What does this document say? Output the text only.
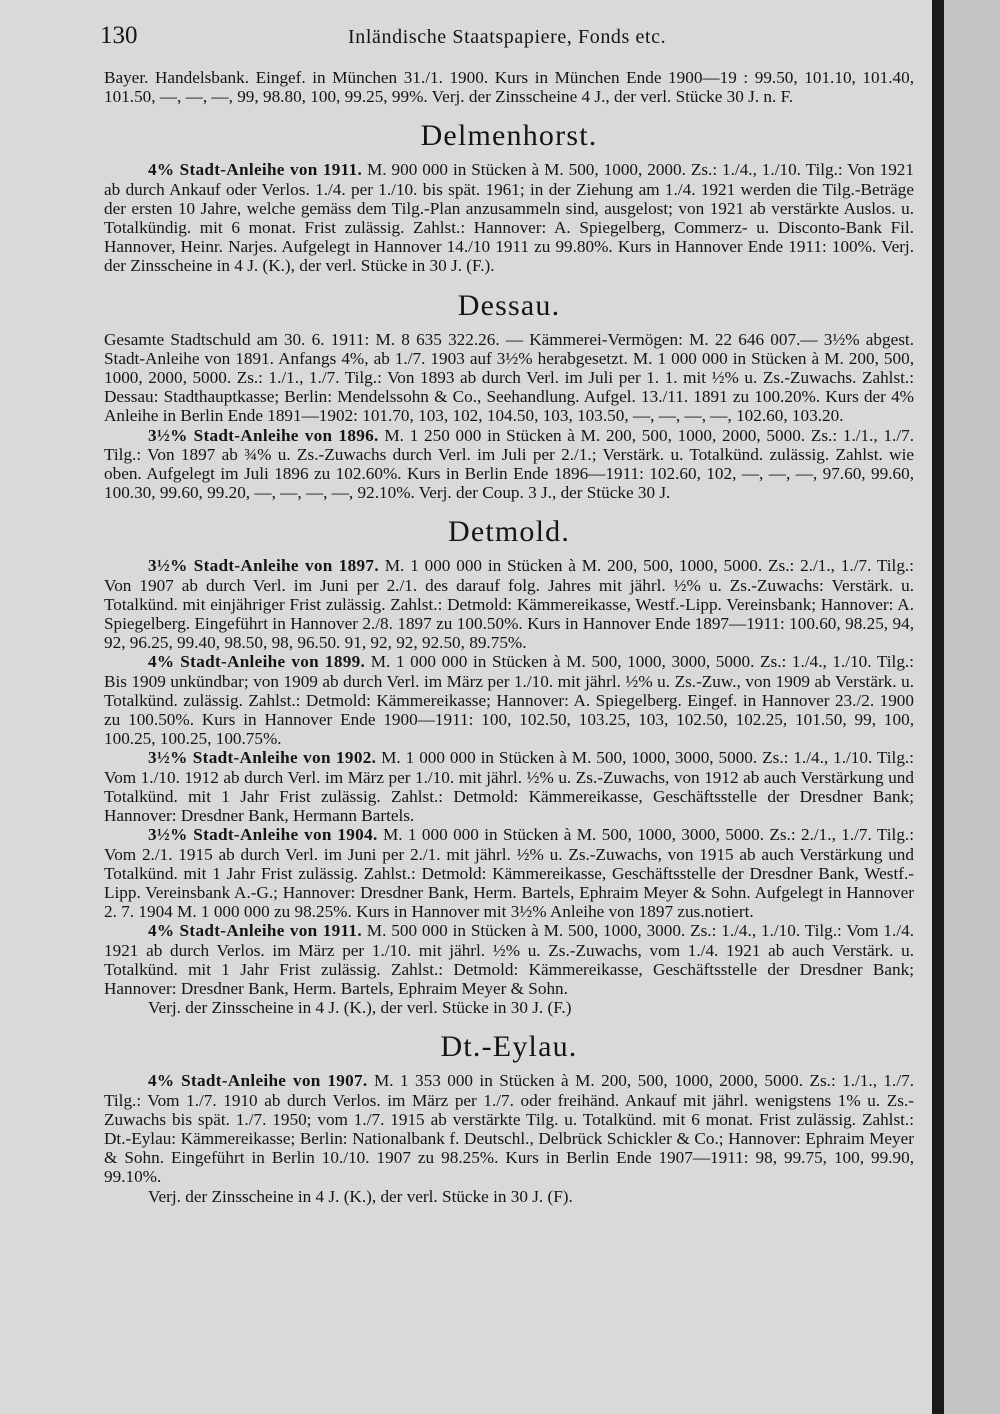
130	Inländische Staatspapiere, Fonds etc.

Bayer. Handelsbank. Eingef. in München 31./1. 1900. Kurs in München Ende 1900—19 : 99.50, 101.10, 101.40, 101.50, —, —, —, 99, 98.80, 100, 99.25, 99%. Verj. der Zinsscheine 4 J., der verl. Stücke 30 J. n. F.

Delmenhorst.

4% Stadt-Anleihe von 1911. M. 900 000 in Stücken à M. 500, 1000, 2000. Zs.: 1./4., 1./10. Tilg.: Von 1921 ab durch Ankauf oder Verlos. 1./4. per 1./10. bis spät. 1961; in der Ziehung am 1./4. 1921 werden die Tilg.-Beträge der ersten 10 Jahre, welche gemäss dem Tilg.-Plan anzusammeln sind, ausgelost; von 1921 ab verstärkte Auslos. u. Totalkündig. mit 6 monat. Frist zulässig. Zahlst.: Hannover: A. Spiegelberg, Commerz- u. Disconto-Bank Fil. Hannover, Heinr. Narjes. Aufgelegt in Hannover 14./10 1911 zu 99.80%. Kurs in Hannover Ende 1911: 100%. Verj. der Zinsscheine in 4 J. (K.), der verl. Stücke in 30 J. (F.).

Dessau.

Gesamte Stadtschuld am 30. 6. 1911: M. 8 635 322.26. — Kämmerei-Vermögen: M. 22 646 007.— 3½% abgest. Stadt-Anleihe von 1891. Anfangs 4%, ab 1./7. 1903 auf 3½% herabgesetzt. M. 1 000 000 in Stücken à M. 200, 500, 1000, 2000, 5000. Zs.: 1./1., 1./7. Tilg.: Von 1893 ab durch Verl. im Juli per 1. 1. mit ½% u. Zs.-Zuwachs. Zahlst.: Dessau: Stadthauptkasse; Berlin: Mendelssohn & Co., Seehandlung. Aufgel. 13./11. 1891 zu 100.20%. Kurs der 4% Anleihe in Berlin Ende 1891—1902: 101.70, 103, 102, 104.50, 103, 103.50, —, —, —, —, 102.60, 103.20.

3½% Stadt-Anleihe von 1896. M. 1 250 000 in Stücken à M. 200, 500, 1000, 2000, 5000. Zs.: 1./1., 1./7. Tilg.: Von 1897 ab ¾% u. Zs.-Zuwachs durch Verl. im Juli per 2./1.; Verstärk. u. Totalkünd. zulässig. Zahlst. wie oben. Aufgelegt im Juli 1896 zu 102.60%. Kurs in Berlin Ende 1896—1911: 102.60, 102, —, —, —, 97.60, 99.60, 100.30, 99.60, 99.20, —, —, —, —, 92.10%. Verj. der Coup. 3 J., der Stücke 30 J.

Detmold.

3½% Stadt-Anleihe von 1897. M. 1 000 000 in Stücken à M. 200, 500, 1000, 5000. Zs.: 2./1., 1./7. Tilg.: Von 1907 ab durch Verl. im Juni per 2./1. des darauf folg. Jahres mit jährl. ½% u. Zs.-Zuwachs: Verstärk. u. Totalkünd. mit einjähriger Frist zulässig. Zahlst.: Detmold: Kämmereikasse, Westf.-Lipp. Vereinsbank; Hannover: A. Spiegelberg. Eingeführt in Hannover 2./8. 1897 zu 100.50%. Kurs in Hannover Ende 1897—1911: 100.60, 98.25, 94, 92, 96.25, 99.40, 98.50, 98, 96.50. 91, 92, 92, 92.50, 89.75%.

4% Stadt-Anleihe von 1899. M. 1 000 000 in Stücken à M. 500, 1000, 3000, 5000. Zs.: 1./4., 1./10. Tilg.: Bis 1909 unkündbar; von 1909 ab durch Verl. im März per 1./10. mit jährl. ½% u. Zs.-Zuw., von 1909 ab Verstärk. u. Totalkünd. zulässig. Zahlst.: Detmold: Kämmereikasse; Hannover: A. Spiegelberg. Eingef. in Hannover 23./2. 1900 zu 100.50%. Kurs in Hannover Ende 1900—1911: 100, 102.50, 103.25, 103, 102.50, 102.25, 101.50, 99, 100, 100.25, 100.25, 100.75%.

3½% Stadt-Anleihe von 1902. M. 1 000 000 in Stücken à M. 500, 1000, 3000, 5000. Zs.: 1./4., 1./10. Tilg.: Vom 1./10. 1912 ab durch Verl. im März per 1./10. mit jährl. ½% u. Zs.-Zuwachs, von 1912 ab auch Verstärkung und Totalkünd. mit 1 Jahr Frist zulässig. Zahlst.: Detmold: Kämmereikasse, Geschäftsstelle der Dresdner Bank; Hannover: Dresdner Bank, Hermann Bartels.

3½% Stadt-Anleihe von 1904. M. 1 000 000 in Stücken à M. 500, 1000, 3000, 5000. Zs.: 2./1., 1./7. Tilg.: Vom 2./1. 1915 ab durch Verl. im Juni per 2./1. mit jährl. ½% u. Zs.-Zuwachs, von 1915 ab auch Verstärkung und Totalkünd. mit 1 Jahr Frist zulässig. Zahlst.: Detmold: Kämmereikasse, Geschäftsstelle der Dresdner Bank, Westf.-Lipp. Vereinsbank A.-G.; Hannover: Dresdner Bank, Herm. Bartels, Ephraim Meyer & Sohn. Aufgelegt in Hannover 2. 7. 1904 M. 1 000 000 zu 98.25%. Kurs in Hannover mit 3½% Anleihe von 1897 zus.notiert.

4% Stadt-Anleihe von 1911. M. 500 000 in Stücken à M. 500, 1000, 3000. Zs.: 1./4., 1./10. Tilg.: Vom 1./4. 1921 ab durch Verlos. im März per 1./10. mit jährl. ½% u. Zs.-Zuwachs, vom 1./4. 1921 ab auch Verstärk. u. Totalkünd. mit 1 Jahr Frist zulässig. Zahlst.: Detmold: Kämmereikasse, Geschäftsstelle der Dresdner Bank; Hannover: Dresdner Bank, Herm. Bartels, Ephraim Meyer & Sohn.

Verj. der Zinsscheine in 4 J. (K.), der verl. Stücke in 30 J. (F.)

Dt.-Eylau.

4% Stadt-Anleihe von 1907. M. 1 353 000 in Stücken à M. 200, 500, 1000, 2000, 5000. Zs.: 1./1., 1./7. Tilg.: Vom 1./7. 1910 ab durch Verlos. im März per 1./7. oder freihänd. Ankauf mit jährl. wenigstens 1% u. Zs.-Zuwachs bis spät. 1./7. 1950; vom 1./7. 1915 ab verstärkte Tilg. u. Totalkünd. mit 6 monat. Frist zulässig. Zahlst.: Dt.-Eylau: Kämmereikasse; Berlin: Nationalbank f. Deutschl., Delbrück Schickler & Co.; Hannover: Ephraim Meyer & Sohn. Eingeführt in Berlin 10./10. 1907 zu 98.25%. Kurs in Berlin Ende 1907—1911: 98, 99.75, 100, 99.90, 99.10%.

Verj. der Zinsscheine in 4 J. (K.), der verl. Stücke in 30 J. (F).
